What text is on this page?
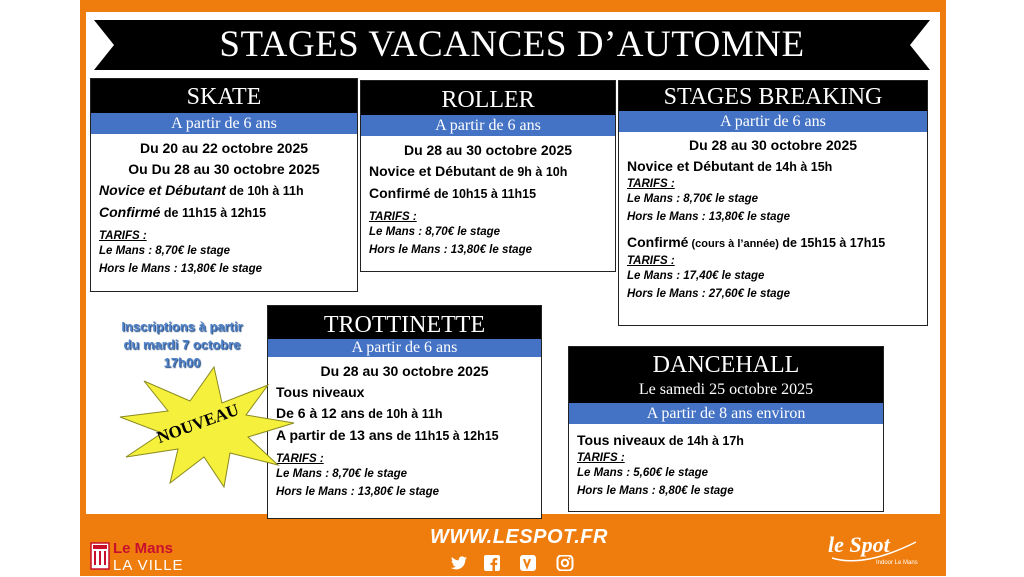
STAGES VACANCES D’AUTOMNE
SKATE
A partir de 6 ans
Du 20 au 22 octobre 2025
Ou Du 28 au 30 octobre 2025
Novice et Débutant de 10h à 11h
Confirmé de 11h15 à 12h15
TARIFS :
Le Mans : 8,70€ le stage
Hors le Mans : 13,80€ le stage
ROLLER
A partir de 6 ans
Du 28 au 30 octobre 2025
Novice et Débutant de 9h à 10h
Confirmé de 10h15 à 11h15
TARIFS :
Le Mans : 8,70€ le stage
Hors le Mans : 13,80€ le stage
STAGES BREAKING
A partir de 6 ans
Du 28 au 30 octobre 2025
Novice et Débutant de 14h à 15h
TARIFS :
Le Mans : 8,70€ le stage
Hors le Mans : 13,80€ le stage
Confirmé (cours à l’année) de 15h15 à 17h15
TARIFS :
Le Mans : 17,40€ le stage
Hors le Mans : 27,60€ le stage
TROTTINETTE
A partir de 6 ans
Du 28 au 30 octobre 2025
Tous niveaux
De 6 à 12 ans de 10h à 11h
A partir de 13 ans de 11h15 à 12h15
TARIFS :
Le Mans : 8,70€ le stage
Hors le Mans : 13,80€ le stage
DANCEHALL
Le samedi 25 octobre 2025
A partir de 8 ans environ
Tous niveaux de 14h à 17h
TARIFS :
Le Mans : 5,60€ le stage
Hors le Mans : 8,80€ le stage
Inscriptions à partir
du mardi 7 octobre
17h00
NOUVEAU
WWW.LESPOT.FR
Le Mans
LA VILLE
le Spot
Indoor Le Mans
